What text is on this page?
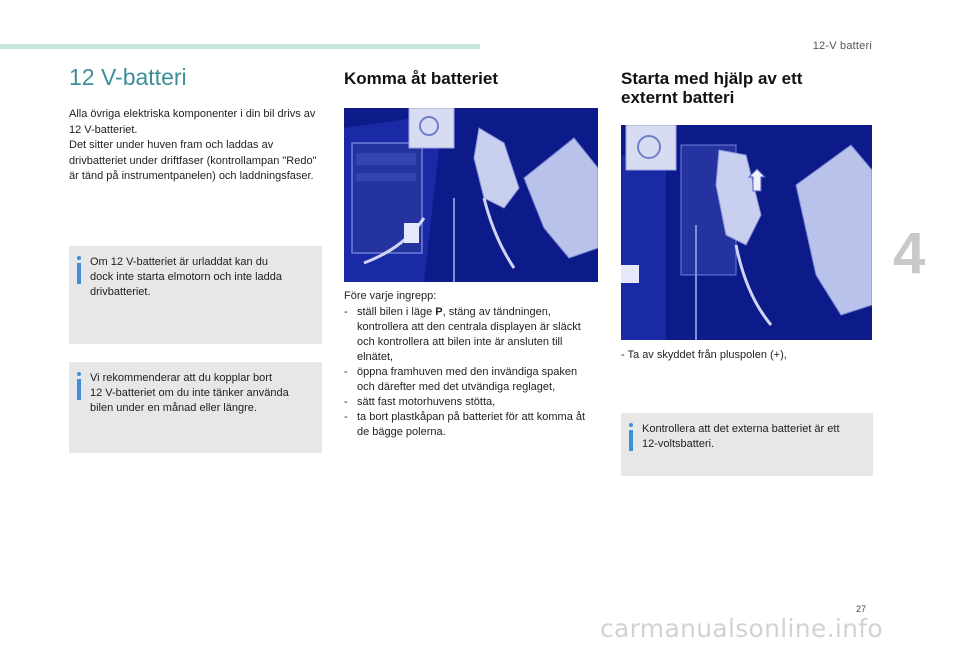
12-V batteri
4
27
carmanualsonline.info
12 V-batteri

Alla övriga elektriska komponenter i din bil drivs av 12 V-batteriet.
Det sitter under huven fram och laddas av drivbatteriet under driftfaser (kontrollampan "Redo" är tänd på instrumentpanelen) och laddningsfaser.

Om 12 V-batteriet är urladdat kan du
dock inte starta elmotorn och inte ladda
drivbatteriet.
Vi rekommenderar att du kopplar bort
12 V-batteriet om du inte tänker använda
bilen under en månad eller längre.
Komma åt batteriet

Före varje ingrepp:

- ställ bilen i läge P, stäng av tändningen, kontrollera att den centrala displayen är släckt och kontrollera att bilen inte är ansluten till elnätet,
- öppna framhuven med den invändiga spaken och därefter med det utvändiga reglaget,
- sätt fast motorhuvens stötta,
- ta bort plastkåpan på batteriet för att komma åt de bägge polerna.
Starta med hjälp av ett
externt batteri

- Ta av skyddet från pluspolen (+),

Kontrollera att det externa batteriet är ett
12-voltsbatteri.
